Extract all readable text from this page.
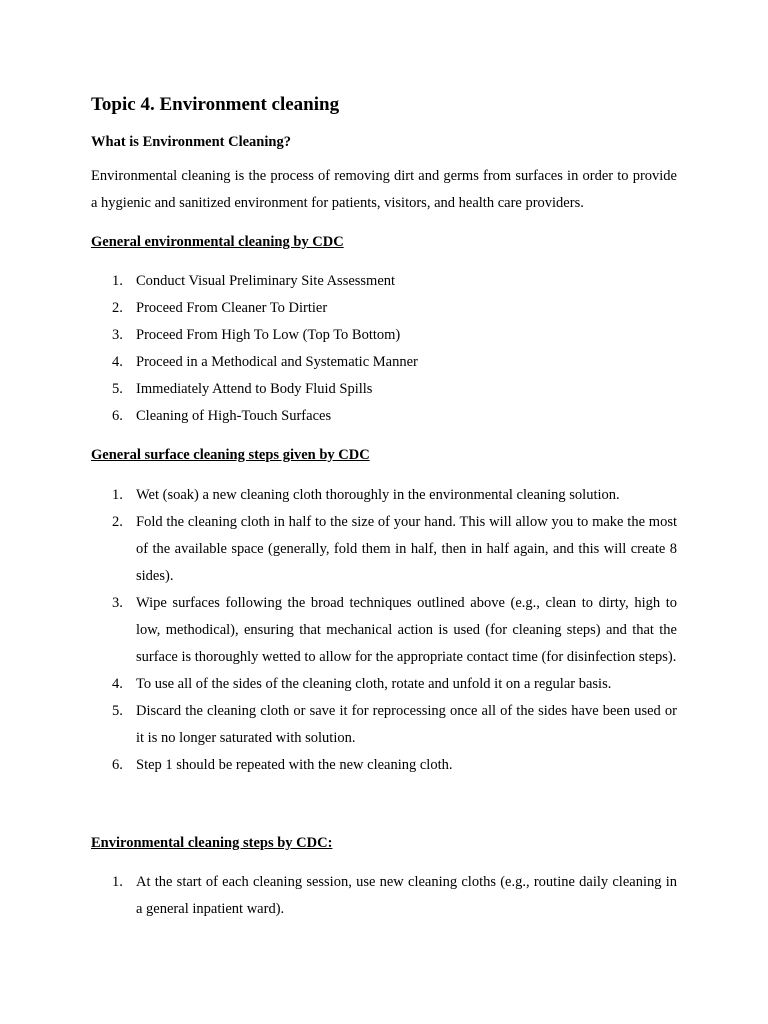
Topic 4. Environment cleaning
What is Environment Cleaning?

Environmental cleaning is the process of removing dirt and germs from surfaces in order to provide a hygienic and sanitized environment for patients, visitors, and health care providers.

General environmental cleaning by CDC
1. Conduct Visual Preliminary Site Assessment
2. Proceed From Cleaner To Dirtier
3. Proceed From High To Low (Top To Bottom)
4. Proceed in a Methodical and Systematic Manner
5. Immediately Attend to Body Fluid Spills
6. Cleaning of High-Touch Surfaces
General surface cleaning steps given by CDC
1. Wet (soak) a new cleaning cloth thoroughly in the environmental cleaning solution.
2. Fold the cleaning cloth in half to the size of your hand. This will allow you to make the most of the available space (generally, fold them in half, then in half again, and this will create 8 sides).
3. Wipe surfaces following the broad techniques outlined above (e.g., clean to dirty, high to low, methodical), ensuring that mechanical action is used (for cleaning steps) and that the surface is thoroughly wetted to allow for the appropriate contact time (for disinfection steps).
4. To use all of the sides of the cleaning cloth, rotate and unfold it on a regular basis.
5. Discard the cleaning cloth or save it for reprocessing once all of the sides have been used or it is no longer saturated with solution.
6. Step 1 should be repeated with the new cleaning cloth.
Environmental cleaning steps by CDC:
1. At the start of each cleaning session, use new cleaning cloths (e.g., routine daily cleaning in a general inpatient ward).
